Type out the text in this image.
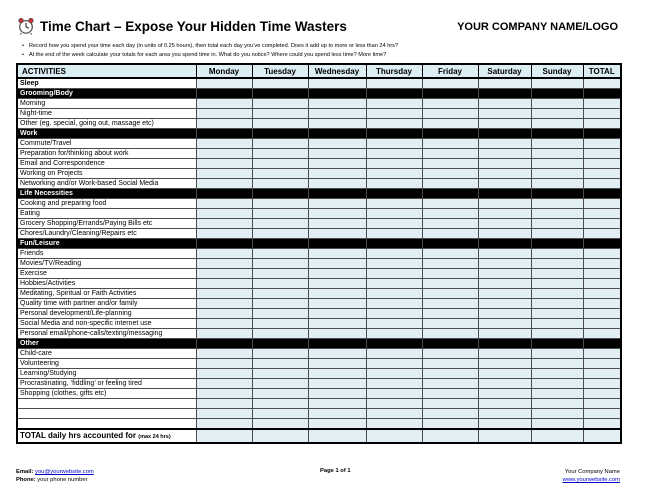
Time Chart – Expose Your Hidden Time Wasters	YOUR COMPANY NAME/LOGO
• Record how you spend your time each day (in units of 0.25 hours), then total each day you’ve completed. Does it add up to more or less than 24 hrs?
• At the end of the week calculate your totals for each area you spend time in. What do you notice? Where could you spend less time? More time?
ACTIVITIES	Monday	Tuesday	Wednesday	Thursday	Friday	Saturday	Sunday	TOTAL
Sleep								
Grooming/Body								
Morning								
Night-time								
Other (eg. special, going out, massage etc)								
Work								
Commute/Travel								
Preparation for/thinking about work								
Email and Correspondence								
Working on Projects								
Networking and/or Work-based Social Media								
Life Necessities								
Cooking and preparing food								
Eating								
Grocery Shopping/Errands/Paying Bills etc								
Chores/Laundry/Cleaning/Repairs etc								
Fun/Leisure								
Friends								
Movies/TV/Reading								
Exercise								
Hobbies/Activities								
Meditating, Spiritual or Faith Activities								
Quality time with partner and/or family								
Personal development/Life-planning								
Social Media and non-specific internet use								
Personal email/phone-calls/texting/messaging								
Other								
Child-care								
Volunteering								
Learning/Studying								
Procrastinating, ‘fiddling’ or feeling tired								
Shopping (clothes, gifts etc)								

TOTAL daily hrs accounted for (max 24 hrs)								
Email: you@yourwebsite.com
Phone: your phone number
Page 1 of 1	Your Company Name
www.yourwebsite.com
